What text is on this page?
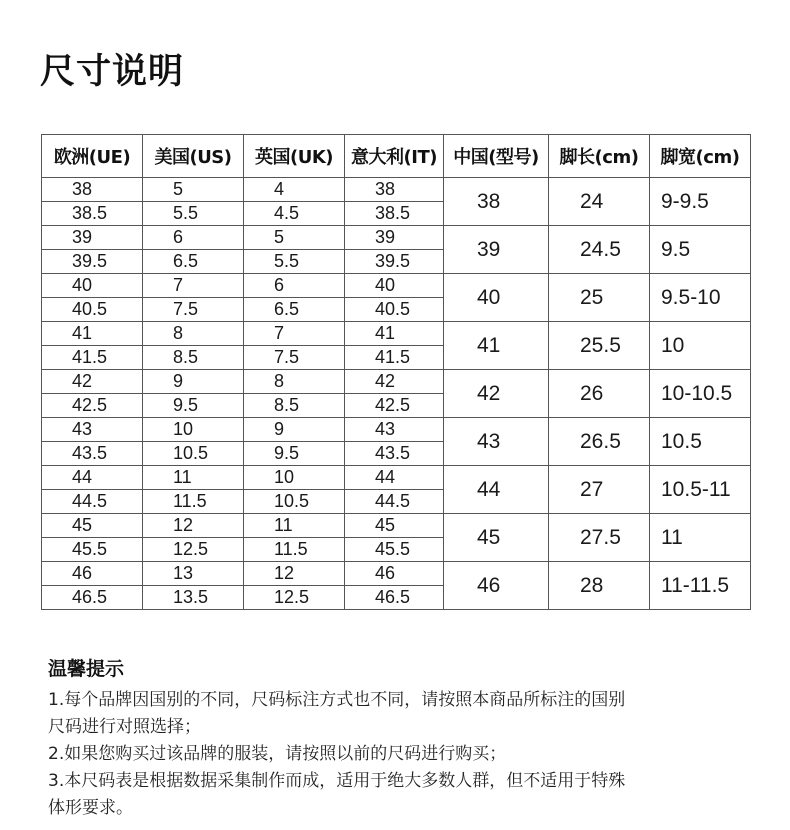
尺寸说明
欧洲(UE)	美国(US)	英国(UK)	意大利(IT)	中国(型号)	脚长(cm)	脚宽(cm)
38	5	4	38	38	24	9-9.5
38.5	5.5	4.5	38.5			
39	6	5	39	39	24.5	9.5
39.5	6.5	5.5	39.5			
40	7	6	40	40	25	9.5-10
40.5	7.5	6.5	40.5			
41	8	7	41	41	25.5	10
41.5	8.5	7.5	41.5			
42	9	8	42	42	26	10-10.5
42.5	9.5	8.5	42.5			
43	10	9	43	43	26.5	10.5
43.5	10.5	9.5	43.5			
44	11	10	44	44	27	10.5-11
44.5	11.5	10.5	44.5			
45	12	11	45	45	27.5	11
45.5	12.5	11.5	45.5			
46	13	12	46	46	28	11-11.5
46.5	13.5	12.5	46.5			
温馨提示

1.每个品牌因国别的不同，尺码标注方式也不同，请按照本商品所标注的国别

尺码进行对照选择；

2.如果您购买过该品牌的服装，请按照以前的尺码进行购买；

3.本尺码表是根据数据采集制作而成，适用于绝大多数人群，但不适用于特殊

体形要求。
